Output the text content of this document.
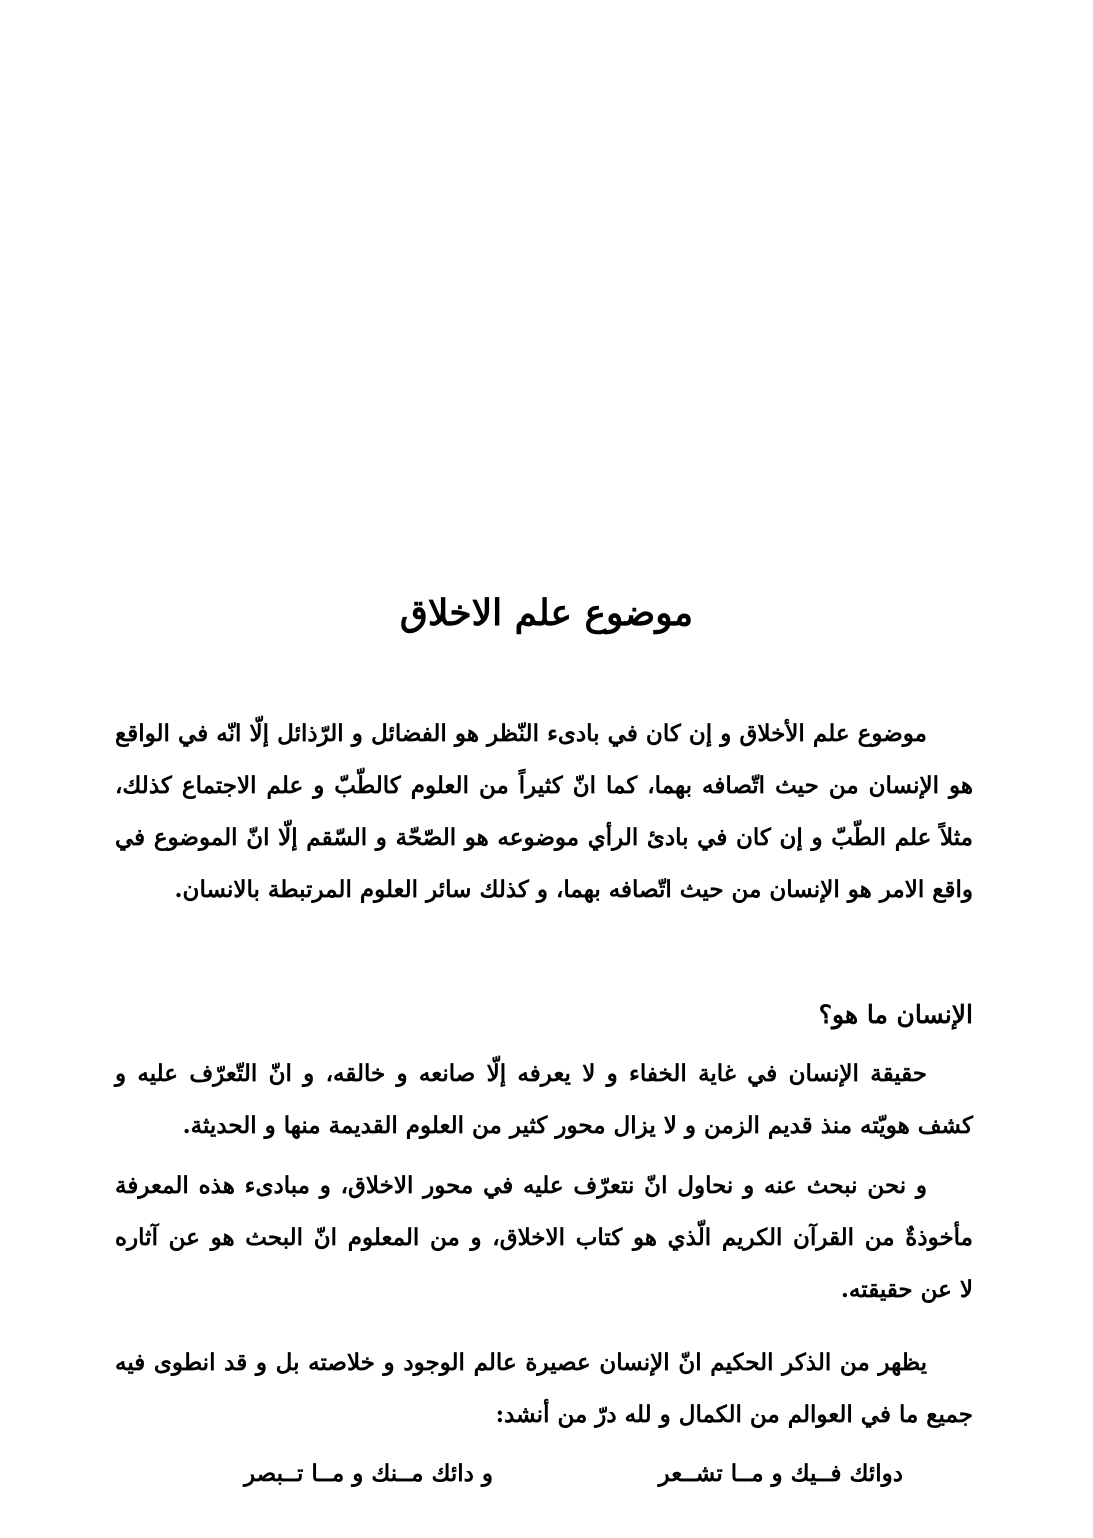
موضوع علم الاخلاق
موضوع علم الأخلاق و إن كان في بادىء النّظر هو الفضائل و الرّذائل إلّا انّه في الواقع
هو الإنسان من حيث اتّصافه بهما، كما انّ كثيراً من العلوم كالطّبّ و علم الاجتماع كذلك،
مثلاً علم الطّبّ و إن كان في بادئ الرأي موضوعه هو الصّحّة و السّقم إلّا انّ الموضوع في
واقع الامر هو الإنسان من حيث اتّصافه بهما، و كذلك سائر العلوم المرتبطة بالانسان.
الإنسان ما هو؟
حقيقة الإنسان في غاية الخفاء و لا يعرفه إلّا صانعه و خالقه، و انّ التّعرّف عليه و
كشف هويّته منذ قديم الزمن و لا يزال محور كثير من العلوم القديمة منها و الحديثة.
و نحن نبحث عنه و نحاول انّ نتعرّف عليه في محور الاخلاق، و مبادىء هذه المعرفة
مأخوذةٌ من القرآن الكريم الّذي هو كتاب الاخلاق، و من المعلوم انّ البحث هو عن آثاره
لا عن حقيقته.
يظهر من الذكر الحكيم انّ الإنسان عصيرة عالم الوجود و خلاصته بل و قد انطوى فيه
جميع ما في العوالم من الكمال و لله درّ من أنشد:
دوائك فــيك و مــا تشــعر
و دائك مــنك و مــا تــبصر
